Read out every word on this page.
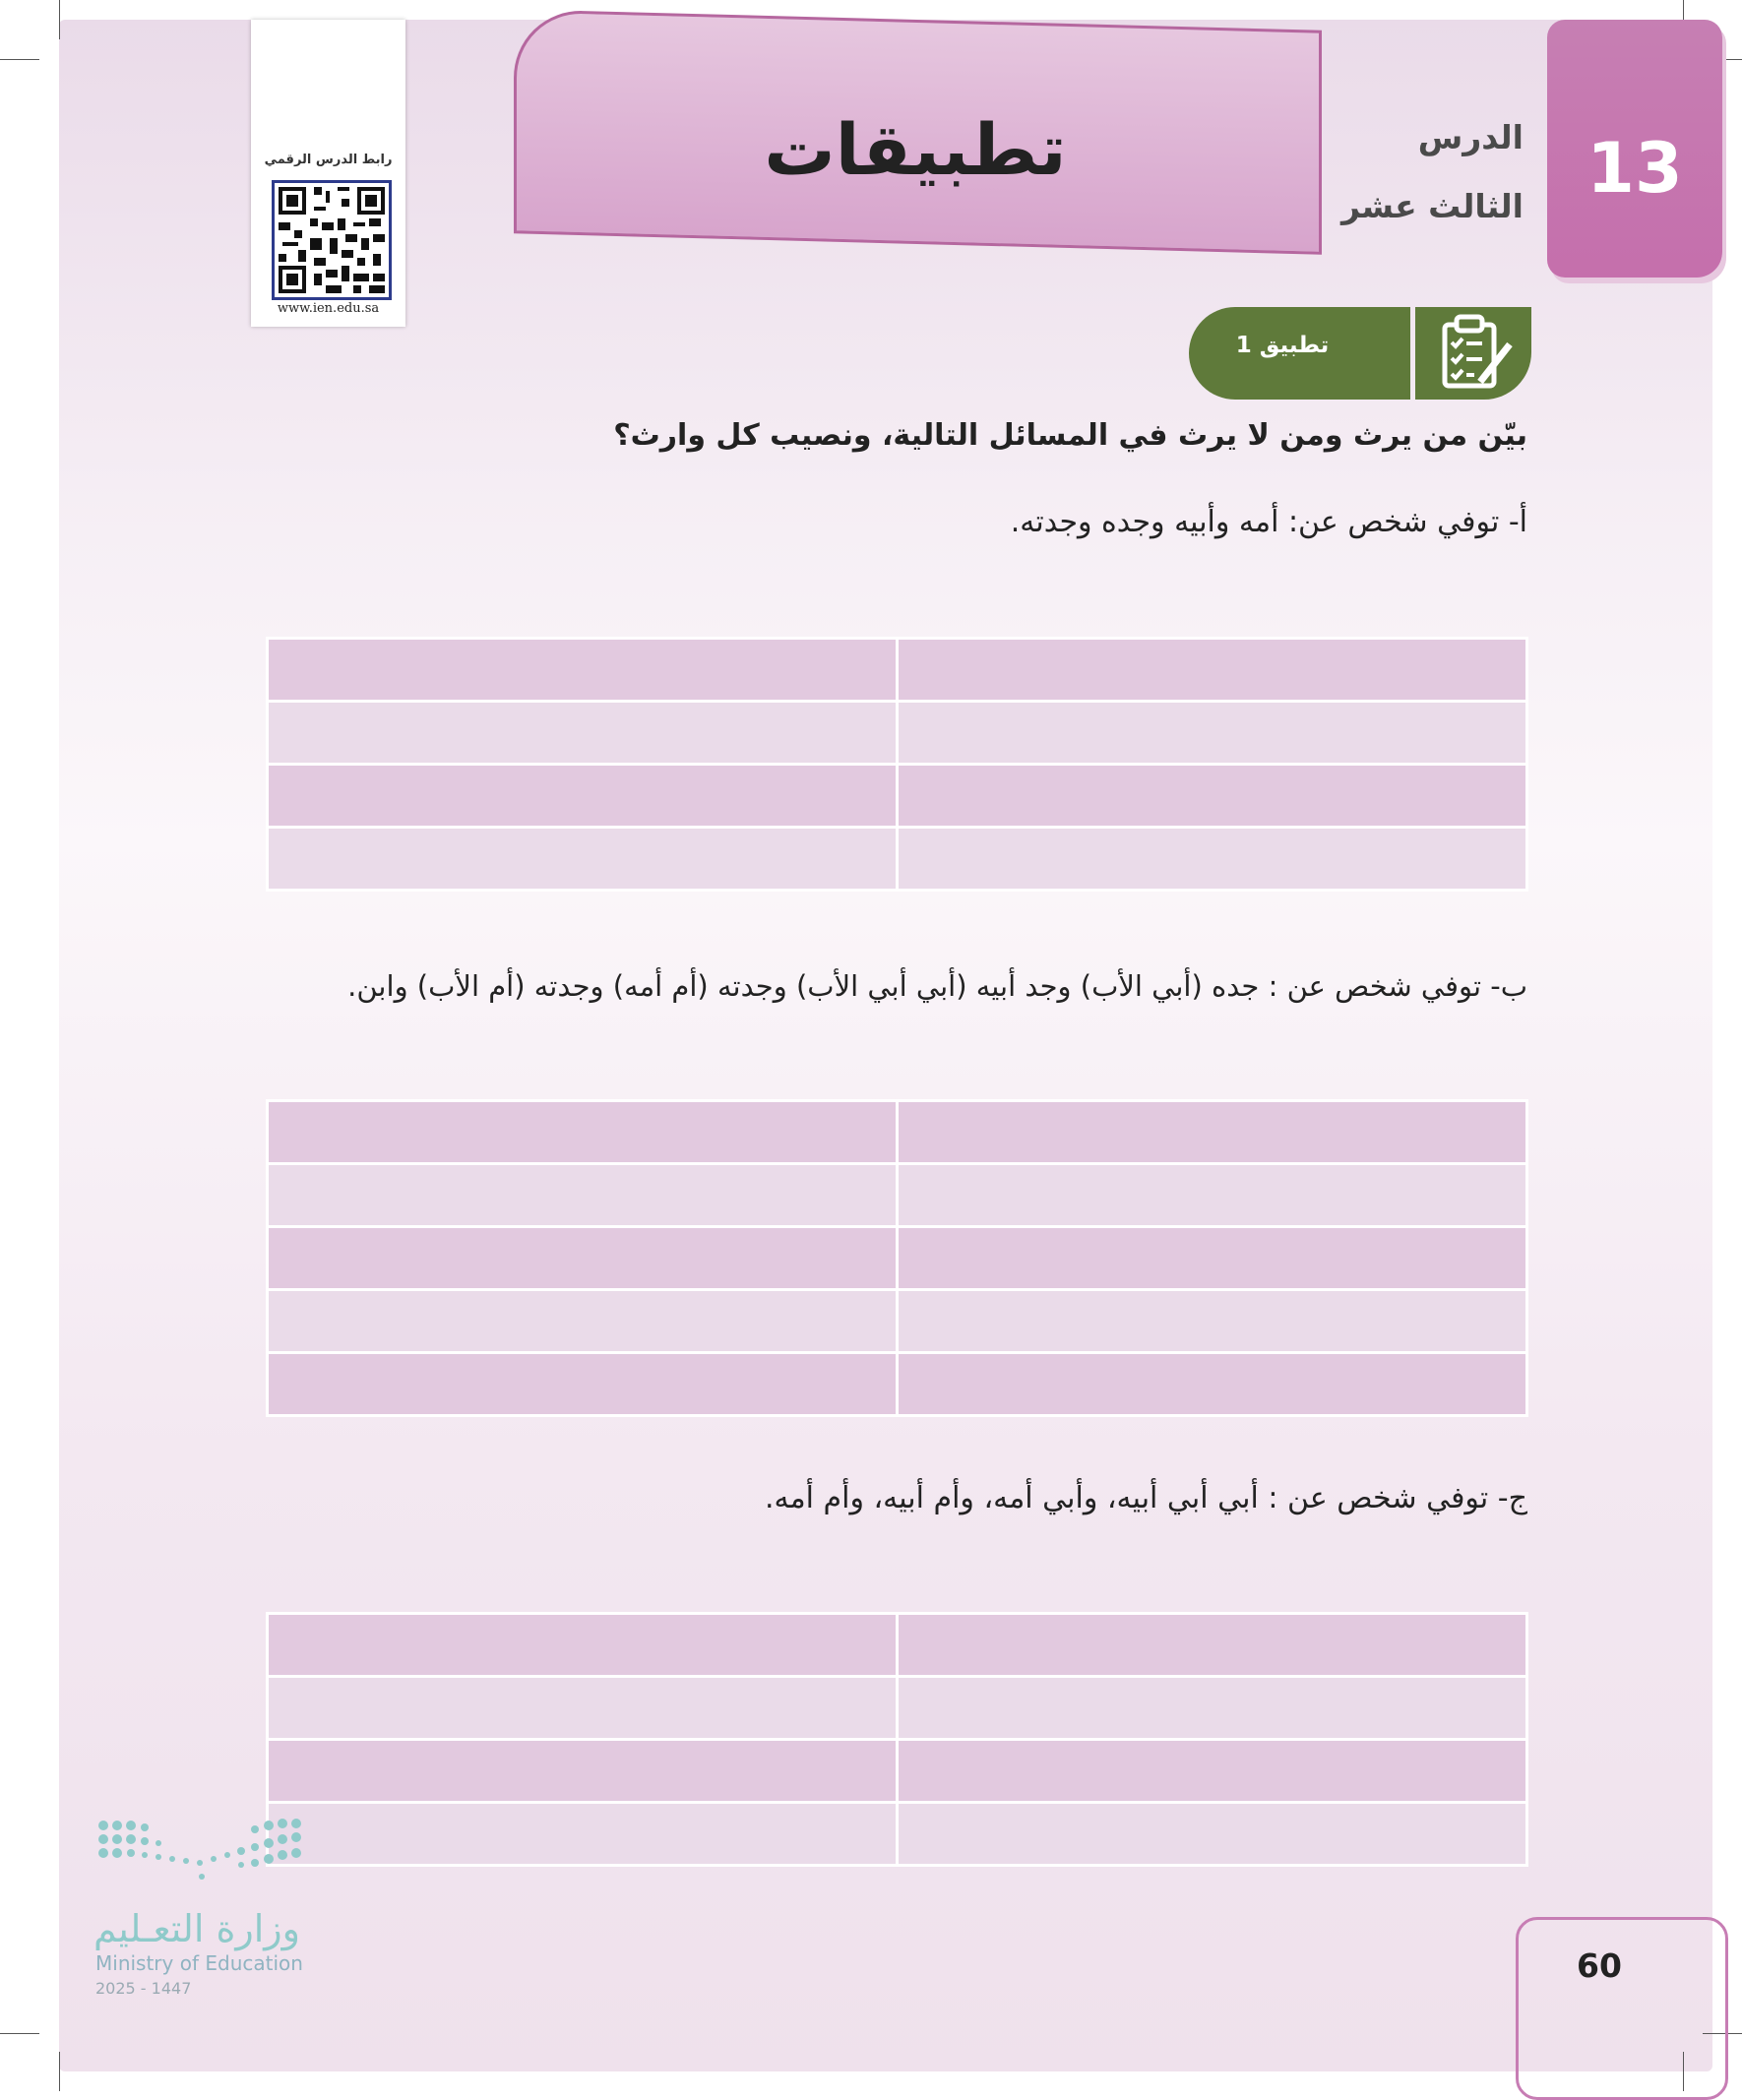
تطبيقات	13
الدرس
الثالث عشر
رابط الدرس الرقمي
www.ien.edu.sa
تطبيق 1
بيّن من يرث ومن لا يرث في المسائل التالية، ونصيب كل وارث؟
أ- توفي شخص عن: أمه وأبيه وجده وجدته.

ب- توفي شخص عن : جده (أبي الأب) وجد أبيه (أبي أبي الأب) وجدته (أم أمه) وجدته (أم الأب) وابن.

ج- توفي شخص عن : أبي أبي أبيه، وأبي أمه، وأم أبيه، وأم أمه.

وزارة التعـليم
Ministry of Education
2025 - 1447
60
